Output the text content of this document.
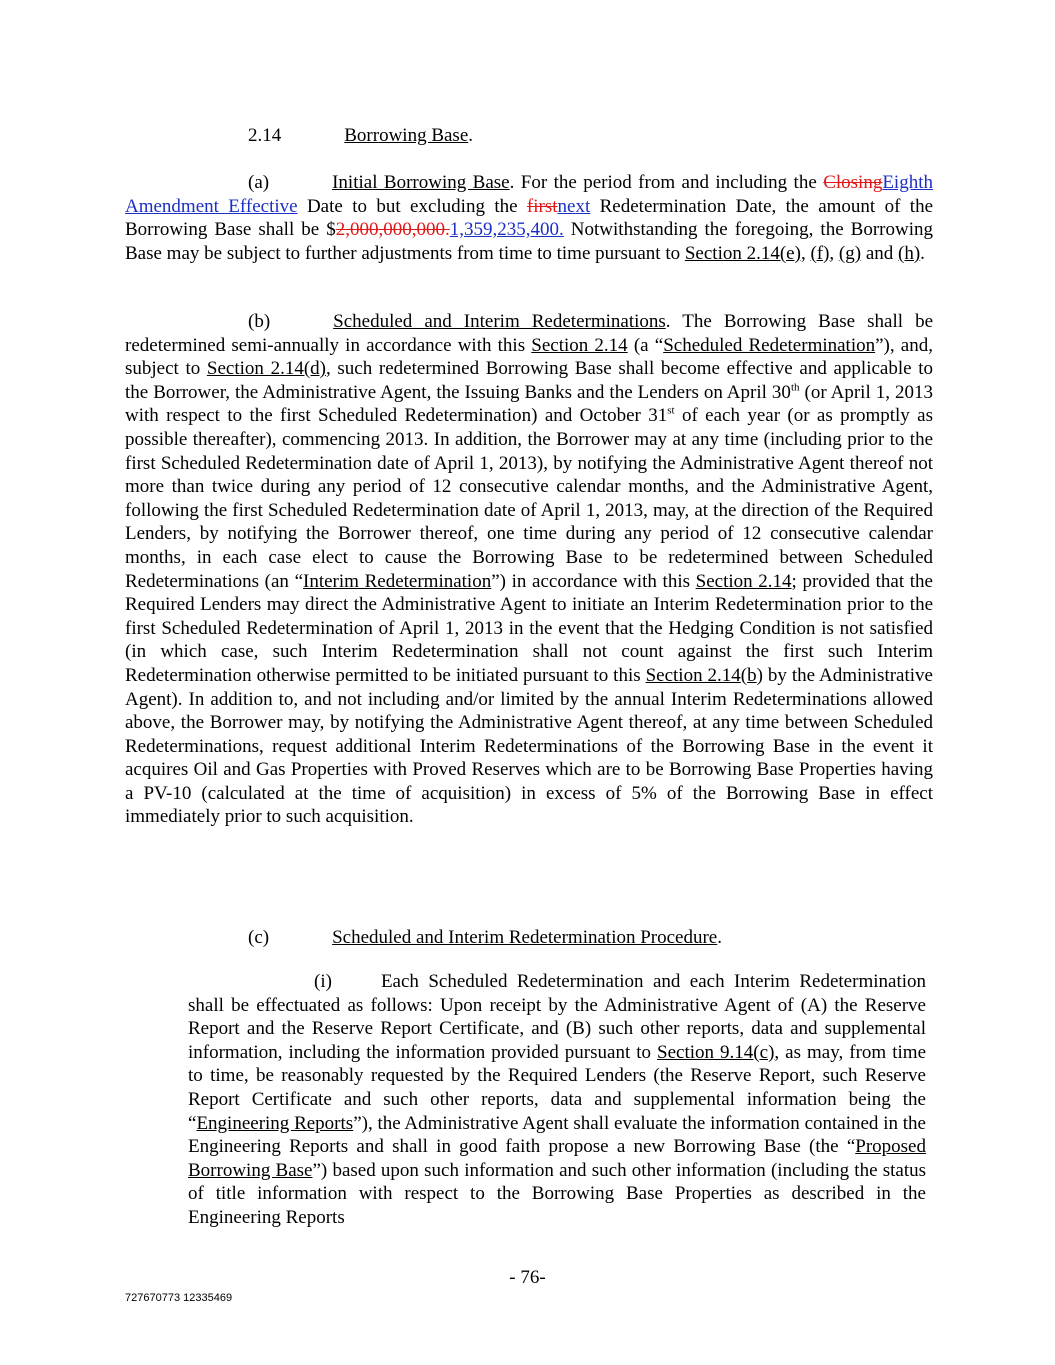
2.14	Borrowing Base.

(a)	Initial Borrowing Base. For the period from and including the ClosingEighth Amendment Effective Date to but excluding the firstnext Redetermination Date, the amount of the Borrowing Base shall be $2,000,000,000.1,359,235,400. Notwithstanding the foregoing, the Borrowing Base may be subject to further adjustments from time to time pursuant to Section 2.14(e), (f), (g) and (h).

(b)	Scheduled and Interim Redeterminations. The Borrowing Base shall be redetermined semi-annually in accordance with this Section 2.14 (a “Scheduled Redetermination”), and, subject to Section 2.14(d), such redetermined Borrowing Base shall become effective and applicable to the Borrower, the Administrative Agent, the Issuing Banks and the Lenders on April 30th (or April 1, 2013 with respect to the first Scheduled Redetermination) and October 31st of each year (or as promptly as possible thereafter), commencing 2013. In addition, the Borrower may at any time (including prior to the first Scheduled Redetermination date of April 1, 2013), by notifying the Administrative Agent thereof not more than twice during any period of 12 consecutive calendar months, and the Administrative Agent, following the first Scheduled Redetermination date of April 1, 2013, may, at the direction of the Required Lenders, by notifying the Borrower thereof, one time during any period of 12 consecutive calendar months, in each case elect to cause the Borrowing Base to be redetermined between Scheduled Redeterminations (an “Interim Redetermination”) in accordance with this Section 2.14; provided that the Required Lenders may direct the Administrative Agent to initiate an Interim Redetermination prior to the first Scheduled Redetermination of April 1, 2013 in the event that the Hedging Condition is not satisfied (in which case, such Interim Redetermination shall not count against the first such Interim Redetermination otherwise permitted to be initiated pursuant to this Section 2.14(b) by the Administrative Agent). In addition to, and not including and/or limited by the annual Interim Redeterminations allowed above, the Borrower may, by notifying the Administrative Agent thereof, at any time between Scheduled Redeterminations, request additional Interim Redeterminations of the Borrowing Base in the event it acquires Oil and Gas Properties with Proved Reserves which are to be Borrowing Base Properties having a PV-10 (calculated at the time of acquisition) in excess of 5% of the Borrowing Base in effect immediately prior to such acquisition.

(c)	Scheduled and Interim Redetermination Procedure.

(i)	Each Scheduled Redetermination and each Interim Redetermination shall be effectuated as follows: Upon receipt by the Administrative Agent of (A) the Reserve Report and the Reserve Report Certificate, and (B) such other reports, data and supplemental information, including the information provided pursuant to Section 9.14(c), as may, from time to time, be reasonably requested by the Required Lenders (the Reserve Report, such Reserve Report Certificate and such other reports, data and supplemental information being the “Engineering Reports”), the Administrative Agent shall evaluate the information contained in the Engineering Reports and shall in good faith propose a new Borrowing Base (the “Proposed Borrowing Base”) based upon such information and such other information (including the status of title information with respect to the Borrowing Base Properties as described in the Engineering Reports

- 76-

727670773 12335469
